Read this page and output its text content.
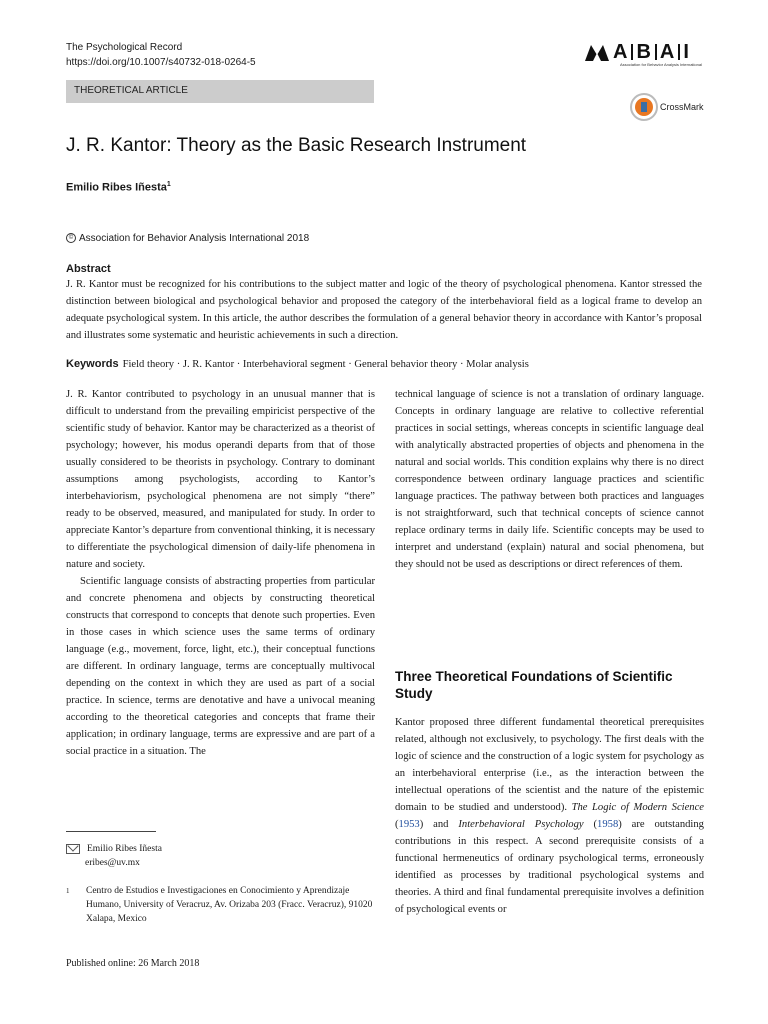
The Psychological Record
https://doi.org/10.1007/s40732-018-0264-5	A B A I
Association for Behavior Analysis International
THEORETICAL ARTICLE
CrossMark
J. R. Kantor: Theory as the Basic Research Instrument
Emilio Ribes Iñesta$^1$
© Association for Behavior Analysis International 2018
Abstract

J. R. Kantor must be recognized for his contributions to the subject matter and logic of the theory of psychological phenomena. Kantor stressed the distinction between biological and psychological behavior and proposed the category of the interbehavioral field as a logical frame to develop an adequate psychological system. In this article, the author describes the formulation of a general behavior theory in accordance with Kantor’s proposal and illustrates some systematic and heuristic achievements in such a direction.

Keywords Field theory · J. R. Kantor · Interbehavioral segment · General behavior theory · Molar analysis

J. R. Kantor contributed to psychology in an unusual manner that is difficult to understand from the prevailing empiricist perspective of the scientific study of behavior. Kantor may be characterized as a theorist of psychology; however, his modus operandi departs from that of those usually considered to be theorists in psychology. Contrary to dominant assumptions among psychologists, according to Kantor’s interbehaviorism, psychological phenomena are not simply “there” ready to be observed, measured, and manipulated for study. In order to appreciate Kantor’s departure from conventional thinking, it is necessary to differentiate the psychological dimension of daily-life phenomena in nature and society.

Scientific language consists of abstracting properties from particular and concrete phenomena and objects by constructing theoretical constructs that correspond to concepts that denote such properties. Even in those cases in which science uses the same terms of ordinary language (e.g., movement, force, light, etc.), their conceptual functions are different. In ordinary language, terms are conceptually multivocal depending on the context in which they are used as part of a social practice. In science, terms are denotative and have a univocal meaning according to the theoretical categories and concepts that frame their application; in ordinary language, terms are expressive and are part of a social practice in a situation. The

technical language of science is not a translation of ordinary language. Concepts in ordinary language are relative to collective referential practices in social settings, whereas concepts in scientific language deal with analytically abstracted properties of objects and phenomena in the natural and social worlds. This condition explains why there is no direct correspondence between ordinary language practices and scientific language practices. The pathway between both practices and languages is not straightforward, such that technical concepts of science cannot replace ordinary terms in daily life. Scientific concepts may be used to interpret and understand (explain) natural and social phenomena, but they should not be used as descriptions or direct references of them.

Three Theoretical Foundations of Scientific Study

Kantor proposed three different fundamental theoretical prerequisites related, although not exclusively, to psychology. The first deals with the logic of science and the construction of a logic system for psychology as an interbehavioral enterprise (i.e., as the interaction between the intellectual operations of the scientist and the nature of the epistemic domain to be studied and understood). The Logic of Modern Science (1953) and Interbehavioral Psychology (1958) are outstanding contributions in this respect. A second prerequisite consists of a functional hermeneutics of ordinary psychological terms, erroneously identified as processes by traditional psychological systems and theories. A third and final fundamental prerequisite involves a definition of psychological events or

Emilio Ribes Iñesta
eribes@uv.mx
1 Centro de Estudios e Investigaciones en Conocimiento y Aprendizaje Humano, University of Veracruz, Av. Orizaba 203 (Fracc. Veracruz), 91020 Xalapa, Mexico
Published online: 26 March 2018
